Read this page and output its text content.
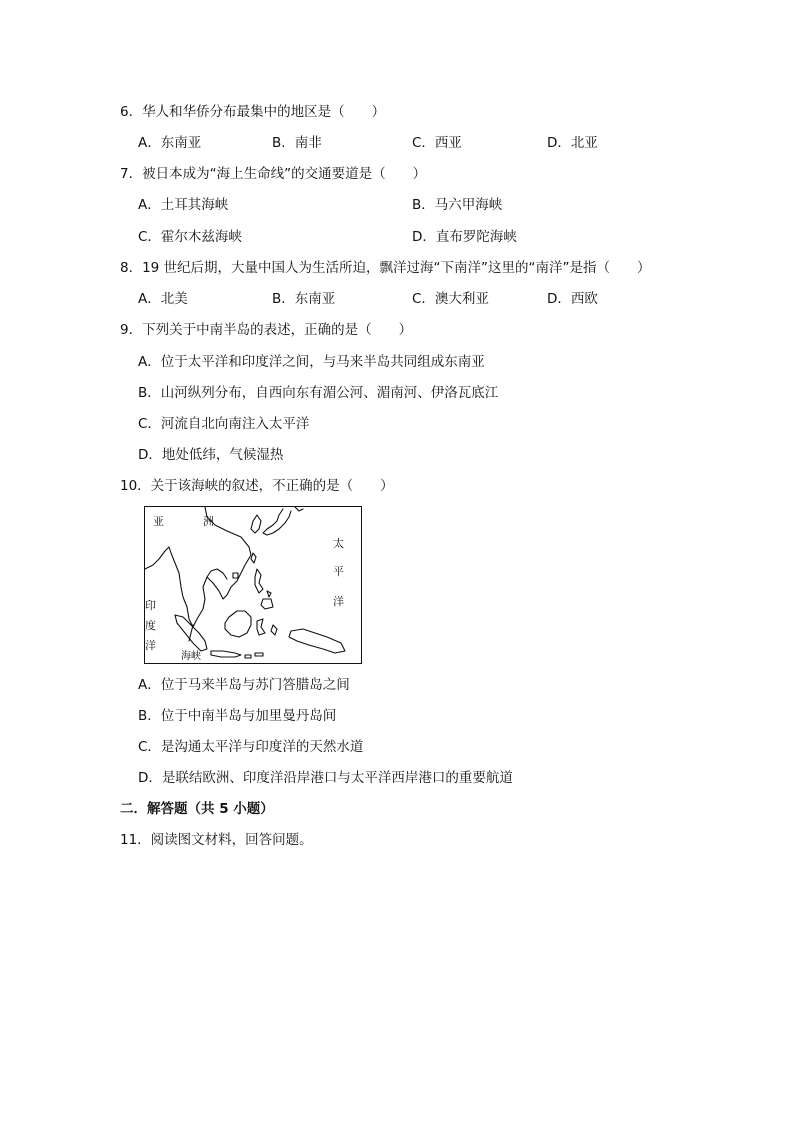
6．华人和华侨分布最集中的地区是（　　）
A．东南亚	B．南非	C．西亚	D．北亚
7．被日本成为“海上生命线”的交通要道是（　　）
A．土耳其海峡	B．马六甲海峡
C．霍尔木兹海峡	D．直布罗陀海峡
8．19 世纪后期，大量中国人为生活所迫，飘洋过海“下南洋”这里的“南洋”是指（　　）
A．北美	B．东南亚	C．澳大利亚	D．西欧
9．下列关于中南半岛的表述，正确的是（　　）
A．位于太平洋和印度洋之间，与马来半岛共同组成东南亚
B．山河纵列分布，自西向东有湄公河、湄南河、伊洛瓦底江
C．河流自北向南注入太平洋
D．地处低纬，气候湿热
10．关于该海峡的叙述，不正确的是（　　）
亚	洲
太
平
洋
印
度
洋
海峡
A．位于马来半岛与苏门答腊岛之间
B．位于中南半岛与加里曼丹岛间
C．是沟通太平洋与印度洋的天然水道
D．是联结欧洲、印度洋沿岸港口与太平洋西岸港口的重要航道
二．解答题（共 5 小题）
11．阅读图文材料，回答问题。
